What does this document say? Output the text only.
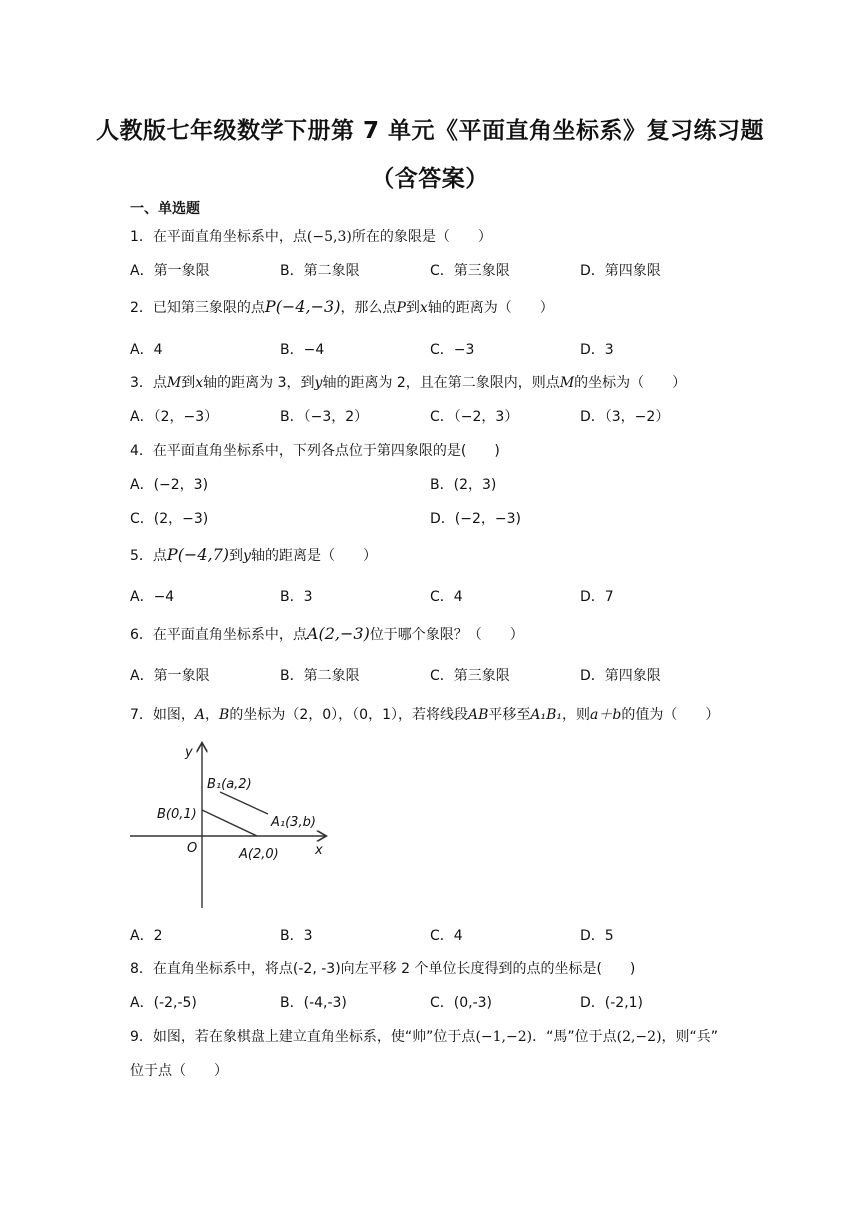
人教版七年级数学下册第 7 单元《平面直角坐标系》复习练习题
（含答案）
一、单选题
1．在平面直角坐标系中，点(−5,3)所在的象限是（　　）
A．第一象限	B．第二象限	C．第三象限	D．第四象限
2．已知第三象限的点P(−4,−3)，那么点P到x轴的距离为（　　）
A．4	B．−4	C．−3	D．3
3．点M到x轴的距离为 3，到y轴的距离为 2，且在第二象限内，则点M的坐标为（　　）
A．（2，−3）	B．（−3，2）	C．（−2，3）	D．（3，−2）
4．在平面直角坐标系中，下列各点位于第四象限的是(　　)
A．(−2，3)	B．(2，3)
C．(2，−3)	D．(−2，−3)
5．点P(−4,7)到y轴的距离是（　　）
A．−4	B．3	C．4	D．7
6．在平面直角坐标系中，点A(2,−3)位于哪个象限？（　　）
A．第一象限	B．第二象限	C．第三象限	D．第四象限
7．如图，A，B的坐标为（2，0），（0，1），若将线段AB平移至A₁B₁，则a＋b的值为（　　）
y
x
O
B(0,1)
A(2,0)
B₁(a,2)
A₁(3,b)
A．2	B．3	C．4	D．5
8．在直角坐标系中，将点(-2, -3)向左平移 2 个单位长度得到的点的坐标是(　　)
A．(-2,-5)	B．(-4,-3)	C．(0,-3)	D．(-2,1)
9．如图，若在象棋盘上建立直角坐标系，使“帅”位于点(−1,−2)．“馬”位于点(2,−2)，则“兵”
位于点（　　）
